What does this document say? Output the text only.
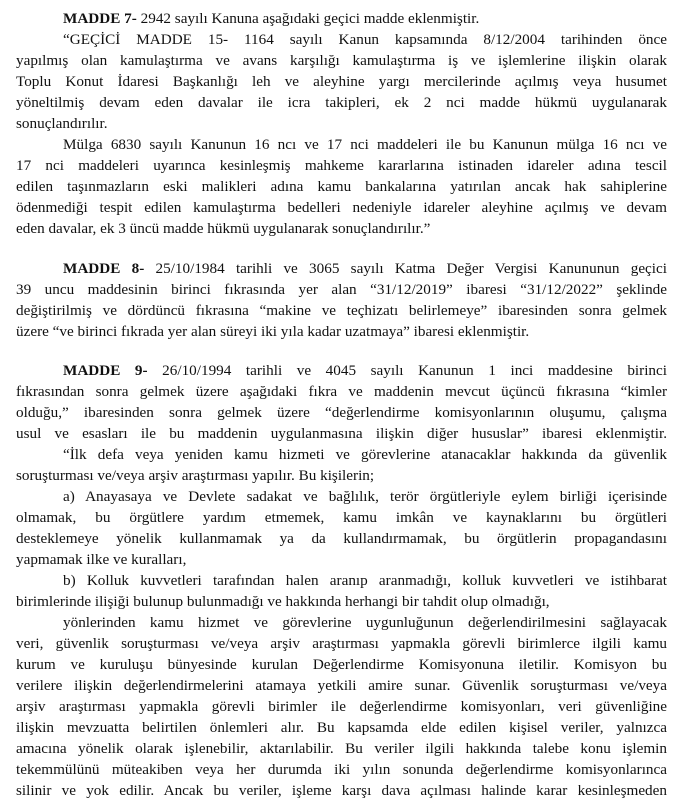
MADDE 7- 2942 sayılı Kanuna aşağıdaki geçici madde eklenmiştir.
“GEÇİCİ MADDE 15- 1164 sayılı Kanun kapsamında 8/12/2004 tarihinden önce
yapılmış olan kamulaştırma ve avans karşılığı kamulaştırma iş ve işlemlerine ilişkin olarak
Toplu Konut İdaresi Başkanlığı leh ve aleyhine yargı mercilerinde açılmış veya husumet
yöneltilmiş devam eden davalar ile icra takipleri, ek 2 nci madde hükmü uygulanarak
sonuçlandırılır.
Mülga 6830 sayılı Kanunun 16 ncı ve 17 nci maddeleri ile bu Kanunun mülga 16 ncı ve
17 nci maddeleri uyarınca kesinleşmiş mahkeme kararlarına istinaden idareler adına tescil
edilen taşınmazların eski malikleri adına kamu bankalarına yatırılan ancak hak sahiplerine
ödenmediği tespit edilen kamulaştırma bedelleri nedeniyle idareler aleyhine açılmış ve devam
eden davalar, ek 3 üncü madde hükmü uygulanarak sonuçlandırılır.”
MADDE 8- 25/10/1984 tarihli ve 3065 sayılı Katma Değer Vergisi Kanununun geçici
39 uncu maddesinin birinci fıkrasında yer alan “31/12/2019” ibaresi “31/12/2022” şeklinde
değiştirilmiş ve dördüncü fıkrasına “makine ve teçhizatı belirlemeye” ibaresinden sonra gelmek
üzere “ve birinci fıkrada yer alan süreyi iki yıla kadar uzatmaya” ibaresi eklenmiştir.
MADDE 9- 26/10/1994 tarihli ve 4045 sayılı Kanunun 1 inci maddesine birinci
fıkrasından sonra gelmek üzere aşağıdaki fıkra ve maddenin mevcut üçüncü fıkrasına “kimler
olduğu,” ibaresinden sonra gelmek üzere “değerlendirme komisyonlarının oluşumu, çalışma
usul ve esasları ile bu maddenin uygulanmasına ilişkin diğer hususlar” ibaresi eklenmiştir.
“İlk defa veya yeniden kamu hizmeti ve görevlerine atanacaklar hakkında da güvenlik
soruşturması ve/veya arşiv araştırması yapılır. Bu kişilerin;
a) Anayasaya ve Devlete sadakat ve bağlılık, terör örgütleriyle eylem birliği içerisinde
olmamak, bu örgütlere yardım etmemek, kamu imkân ve kaynaklarını bu örgütleri
desteklemeye yönelik kullanmamak ya da kullandırmamak, bu örgütlerin propagandasını
yapmamak ilke ve kuralları,
b) Kolluk kuvvetleri tarafından halen aranıp aranmadığı, kolluk kuvvetleri ve istihbarat
birimlerinde ilişiği bulunup bulunmadığı ve hakkında herhangi bir tahdit olup olmadığı,
yönlerinden kamu hizmet ve görevlerine uygunluğunun değerlendirilmesini sağlayacak
veri, güvenlik soruşturması ve/veya arşiv araştırması yapmakla görevli birimlerce ilgili kamu
kurum ve kuruluşu bünyesinde kurulan Değerlendirme Komisyonuna iletilir. Komisyon bu
verilere ilişkin değerlendirmelerini atamaya yetkili amire sunar. Güvenlik soruşturması ve/veya
arşiv araştırması yapmakla görevli birimler ile değerlendirme komisyonları, veri güvenliğine
ilişkin mevzuatta belirtilen önlemleri alır. Bu kapsamda elde edilen kişisel veriler, yalnızca
amacına yönelik olarak işlenebilir, aktarılabilir. Bu veriler ilgili hakkında talebe konu işlemin
tekemmülünü müteakiben veya her durumda iki yılın sonunda değerlendirme komisyonlarınca
silinir ve yok edilir. Ancak bu veriler, işleme karşı dava açılması halinde karar kesinleşmeden
